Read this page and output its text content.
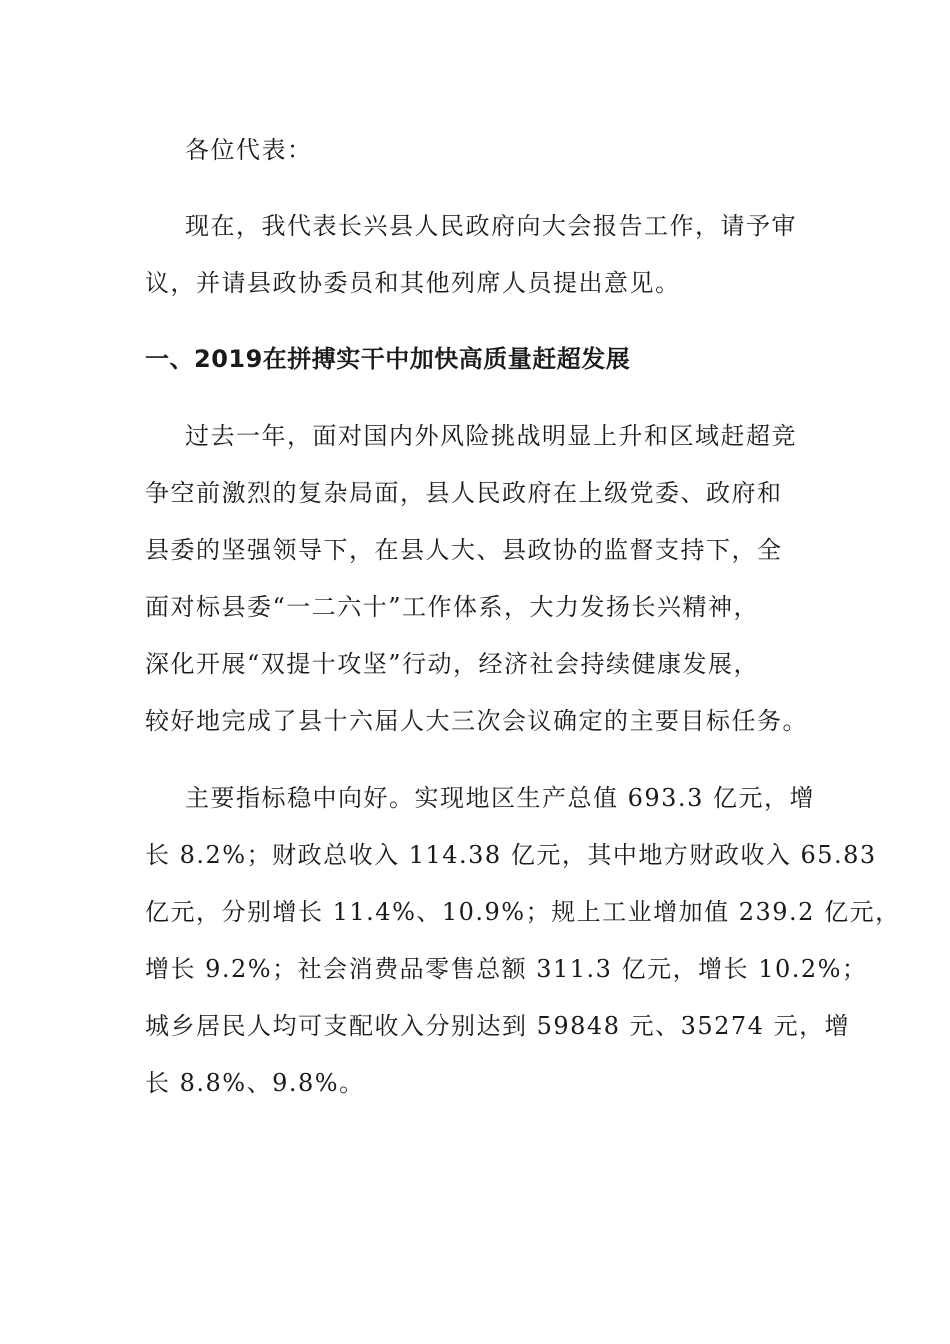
各位代表：
现在，我代表长兴县人民政府向大会报告工作，请予审
议，并请县政协委员和其他列席人员提出意见。
一、2019在拼搏实干中加快高质量赶超发展
过去一年，面对国内外风险挑战明显上升和区域赶超竞
争空前激烈的复杂局面，县人民政府在上级党委、政府和
县委的坚强领导下，在县人大、县政协的监督支持下，全
面对标县委“一二六十”工作体系，大力发扬长兴精神，
深化开展“双提十攻坚”行动，经济社会持续健康发展，
较好地完成了县十六届人大三次会议确定的主要目标任务。
主要指标稳中向好。实现地区生产总值 693.3 亿元，增
长 8.2%；财政总收入 114.38 亿元，其中地方财政收入 65.83
亿元，分别增长 11.4%、10.9%；规上工业增加值 239.2 亿元，
增长 9.2%；社会消费品零售总额 311.3 亿元，增长 10.2%；
城乡居民人均可支配收入分别达到 59848 元、35274 元，增
长 8.8%、9.8%。
